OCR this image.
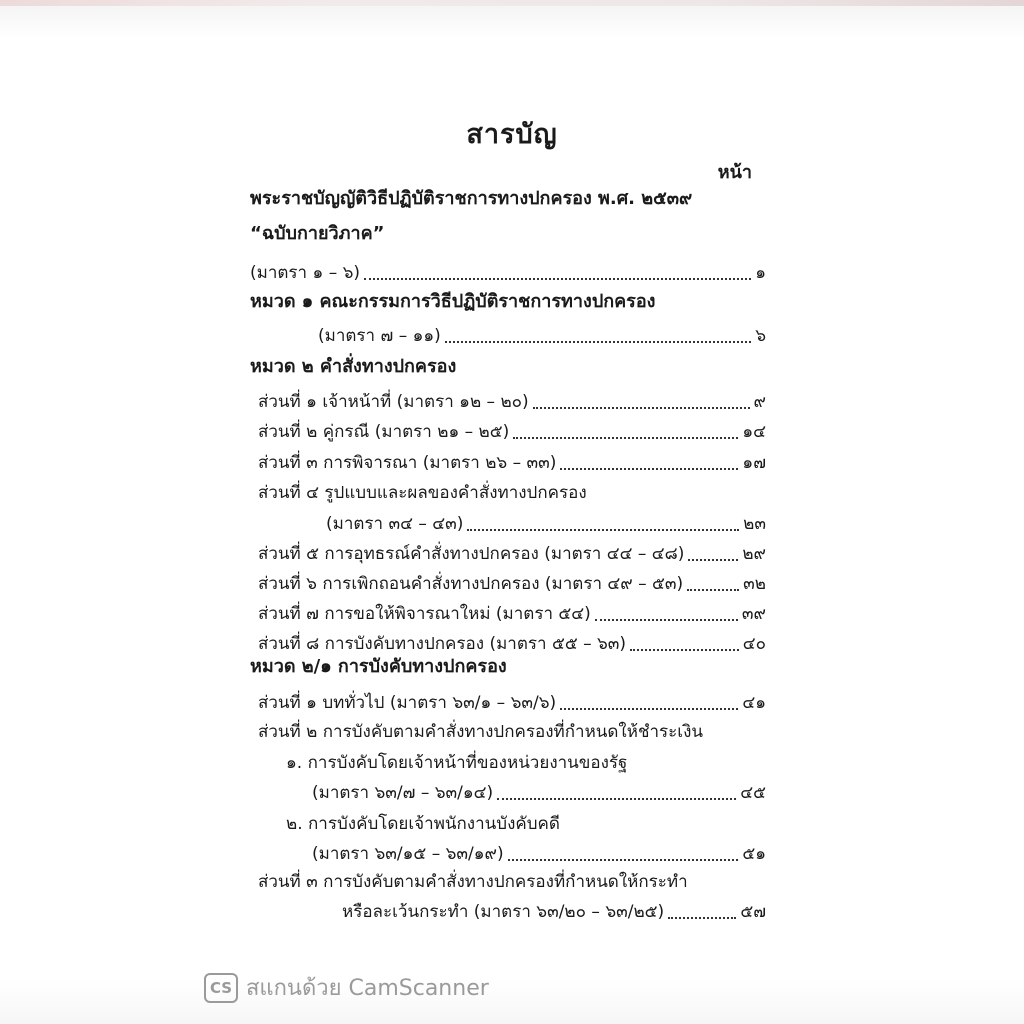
สารบัญ
หน้า
พระราชบัญญัติวิธีปฏิบัติราชการทางปกครอง พ.ศ. ๒๕๓๙
“ฉบับกายวิภาค”
(มาตรา ๑ – ๖)	๑
หมวด ๑ คณะกรรมการวิธีปฏิบัติราชการทางปกครอง
(มาตรา ๗ – ๑๑)	๖
หมวด ๒ คำสั่งทางปกครอง
ส่วนที่ ๑ เจ้าหน้าที่ (มาตรา ๑๒ – ๒๐)	๙
ส่วนที่ ๒ คู่กรณี (มาตรา ๒๑ – ๒๕)	๑๔
ส่วนที่ ๓ การพิจารณา (มาตรา ๒๖ – ๓๓)	๑๗
ส่วนที่ ๔ รูปแบบและผลของคำสั่งทางปกครอง
(มาตรา ๓๔ – ๔๓)	๒๓
ส่วนที่ ๕ การอุทธรณ์คำสั่งทางปกครอง (มาตรา ๔๔ – ๔๘)	๒๙
ส่วนที่ ๖ การเพิกถอนคำสั่งทางปกครอง (มาตรา ๔๙ – ๕๓)	๓๒
ส่วนที่ ๗ การขอให้พิจารณาใหม่ (มาตรา ๕๔)	๓๙
ส่วนที่ ๘ การบังคับทางปกครอง (มาตรา ๕๕ – ๖๓)	๔๐
หมวด ๒/๑ การบังคับทางปกครอง
ส่วนที่ ๑ บททั่วไป (มาตรา ๖๓/๑ – ๖๓/๖)	๔๑
ส่วนที่ ๒ การบังคับตามคำสั่งทางปกครองที่กำหนดให้ชำระเงิน
๑. การบังคับโดยเจ้าหน้าที่ของหน่วยงานของรัฐ
(มาตรา ๖๓/๗ – ๖๓/๑๔)	๔๕
๒. การบังคับโดยเจ้าพนักงานบังคับคดี
(มาตรา ๖๓/๑๕ – ๖๓/๑๙)	๕๑
ส่วนที่ ๓ การบังคับตามคำสั่งทางปกครองที่กำหนดให้กระทำ
หรือละเว้นกระทำ (มาตรา ๖๓/๒๐ – ๖๓/๒๕)	๕๗
CS สแกนด้วย CamScanner
